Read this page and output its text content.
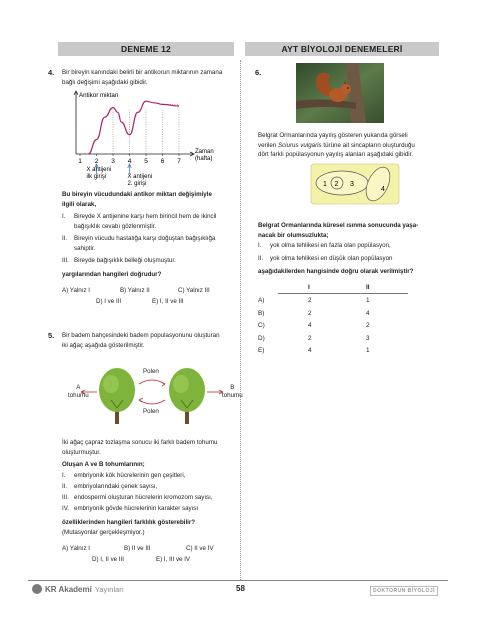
DENEME 12	AYT BİYOLOJİ DENEMELERİ
4. Bir bireyin kanındaki belirli bir antikorun miktarının zamana
bağlı değişimi aşağıdaki gibidir.
Antikor miktarı
Zaman
(hafta)
1 2 3 4 5 6 7
X antijeni
ilk girişi	X antijeni
2. girişi
Bu bireyin vücudundaki antikor miktarı değişimiyle
ilgili olarak,
I.	Bireyde X antijenine karşı hem birincil hem de ikincil
bağışıklık cevabı gözlenmiştir.
II.	Bireyin vücudu hastalığa karşı doğuştan bağışıklığa
sahiptir.
III. Bireyde bağışıklık belleği oluşmuştur.
yargılarından hangileri doğrudur?
A) Yalnız I	B) Yalnız II	C) Yalnız III
D) I ve III	E) I, II ve III
5. Bir badem bahçesindeki badem populasyonunu oluşturan
iki ağaç aşağıda gösterilmiştir.
A
tohumu
B
tohumu
Polen
Polen
İki ağaç çapraz tozlaşma sonucu iki farklı badem tohumu
oluşturmuştur.
Oluşan A ve B tohumlarının;
I.	embriyonik kök hücrelerinin gen çeşitleri,
II.	embriyolarındaki çenek sayısı,
III. endospermi oluşturan hücrelerin kromozom sayısı,
IV. embriyonik gövde hücrelerinin karakter sayısı
özelliklerinden hangileri farklılık gösterebilir?
(Mutasyonlar gerçekleşmiyor.)
A) Yalnız I	B) II ve III	C) II ve IV
D) I, II ve III	E) I, III ve IV
6.
Belgrat Ormanlarında yayılış gösteren yukarıda görseli
verilen Sciurus vulgaris türüne ait sincapların oluşturduğu
dört farklı popülasyonun yayılış alanları aşağıdaki gibidir.
1 2 3
4
Belgrat Ormanlarında küresel ısınma sonucunda yaşa-
nacak bir olumsuzlukta;
I.	yok olma tehlikesi en fazla olan popülasyon,
II.	yok olma tehlikesi en düşük olan popülasyon
aşağıdakilerden hangisinde doğru olarak verilmiştir?
I	II
A)	2	1
B)	2	4
C)	4	2
D)	2	3
E)	4	1
KR Akademi Yayınları	58	DOKTORUN BİYOLOJİ
